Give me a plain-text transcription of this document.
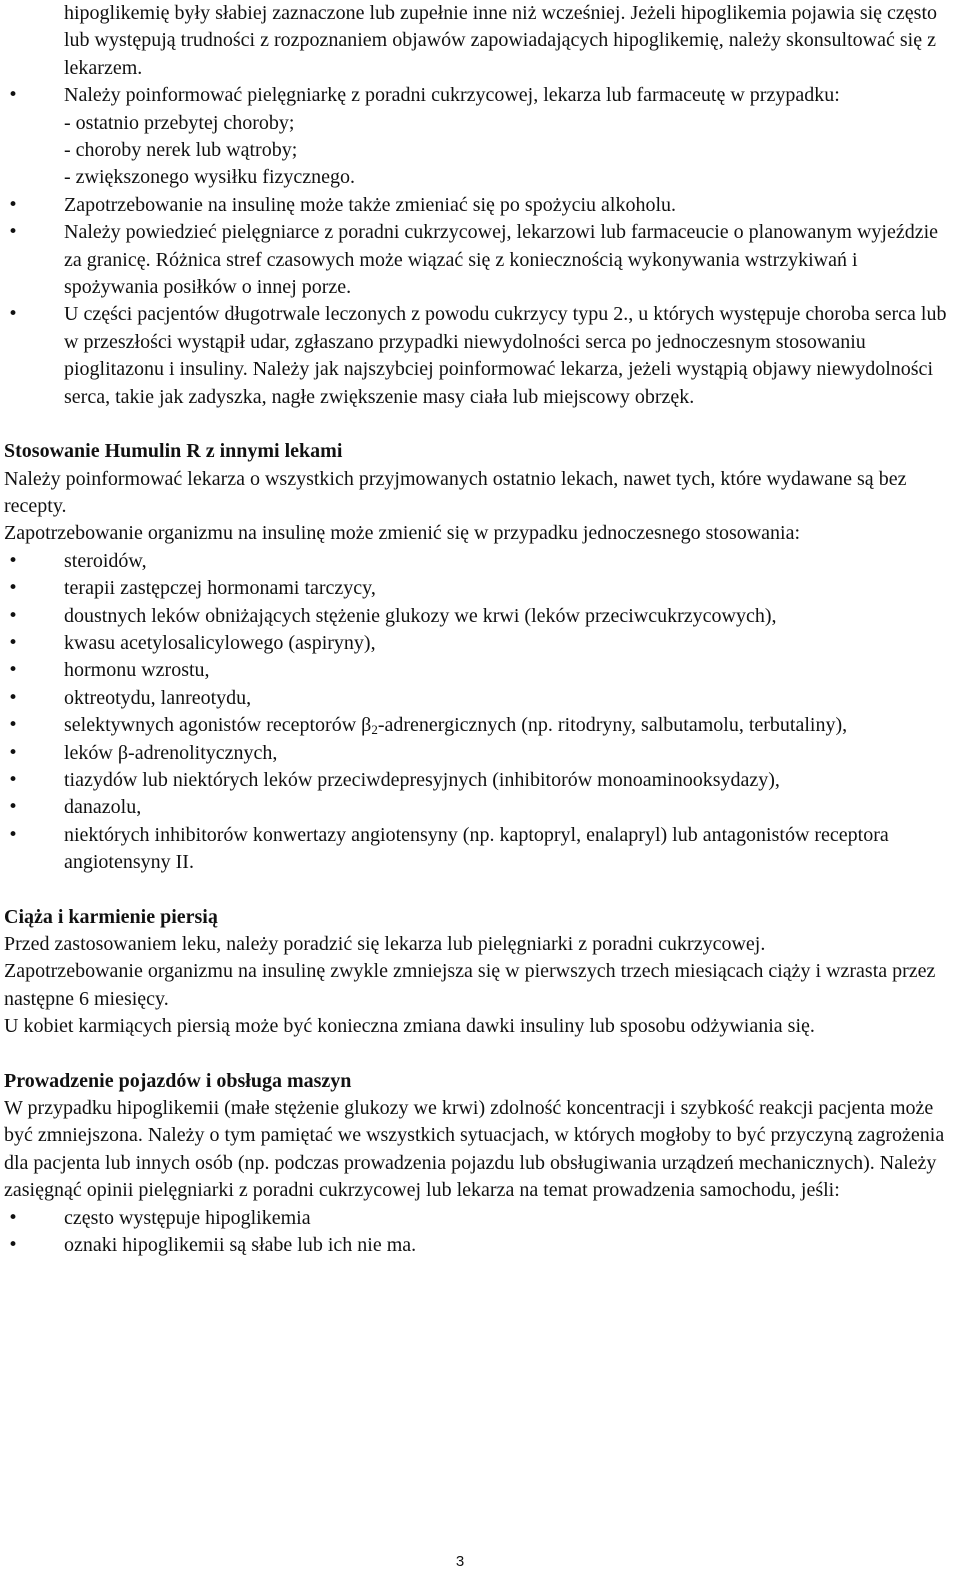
hipoglikemię były słabiej zaznaczone lub zupełnie inne niż wcześniej. Jeżeli hipoglikemia pojawia się często lub występują trudności z rozpoznaniem objawów zapowiadających hipoglikemię, należy skonsultować się z lekarzem.
• Należy poinformować pielęgniarkę z poradni cukrzycowej, lekarza lub farmaceutę w przypadku:
- ostatnio przebytej choroby;
- choroby nerek lub wątroby;
- zwiększonego wysiłku fizycznego.
• Zapotrzebowanie na insulinę może także zmieniać się po spożyciu alkoholu.
• Należy powiedzieć pielęgniarce z poradni cukrzycowej, lekarzowi lub farmaceucie o planowanym wyjeździe za granicę. Różnica stref czasowych może wiązać się z koniecznością wykonywania wstrzykiwań i spożywania posiłków o innej porze.
• U części pacjentów długotrwale leczonych z powodu cukrzycy typu 2., u których występuje choroba serca lub w przeszłości wystąpił udar, zgłaszano przypadki niewydolności serca po jednoczesnym stosowaniu pioglitazonu i insuliny. Należy jak najszybciej poinformować lekarza, jeżeli wystąpią objawy niewydolności serca, takie jak zadyszka, nagłe zwiększenie masy ciała lub miejscowy obrzęk.
Stosowanie Humulin R z innymi lekami

Należy poinformować lekarza o wszystkich przyjmowanych ostatnio lekach, nawet tych, które wydawane są bez recepty.

Zapotrzebowanie organizmu na insulinę może zmienić się w przypadku jednoczesnego stosowania:

• steroidów,
• terapii zastępczej hormonami tarczycy,
• doustnych leków obniżających stężenie glukozy we krwi (leków przeciwcukrzycowych),
• kwasu acetylosalicylowego (aspiryny),
• hormonu wzrostu,
• oktreotydu, lanreotydu,
• selektywnych agonistów receptorów $\beta_2$-adrenergicznych (np. ritodryny, salbutamolu, terbutaliny),
• leków β-adrenolitycznych,
• tiazydów lub niektórych leków przeciwdepresyjnych (inhibitorów monoaminooksydazy),
• danazolu,
• niektórych inhibitorów konwertazy angiotensyny (np. kaptopryl, enalapryl) lub antagonistów receptora angiotensyny II.
Ciąża i karmienie piersią

Przed zastosowaniem leku, należy poradzić się lekarza lub pielęgniarki z poradni cukrzycowej.

Zapotrzebowanie organizmu na insulinę zwykle zmniejsza się w pierwszych trzech miesiącach ciąży i wzrasta przez następne 6 miesięcy.

U kobiet karmiących piersią może być konieczna zmiana dawki insuliny lub sposobu odżywiania się.

Prowadzenie pojazdów i obsługa maszyn

W przypadku hipoglikemii (małe stężenie glukozy we krwi) zdolność koncentracji i szybkość reakcji pacjenta może być zmniejszona. Należy o tym pamiętać we wszystkich sytuacjach, w których mogłoby to być przyczyną zagrożenia dla pacjenta lub innych osób (np. podczas prowadzenia pojazdu lub obsługiwania urządzeń mechanicznych). Należy zasięgnąć opinii pielęgniarki z poradni cukrzycowej lub lekarza na temat prowadzenia samochodu, jeśli:

• często występuje hipoglikemia
• oznaki hipoglikemii są słabe lub ich nie ma.
3
